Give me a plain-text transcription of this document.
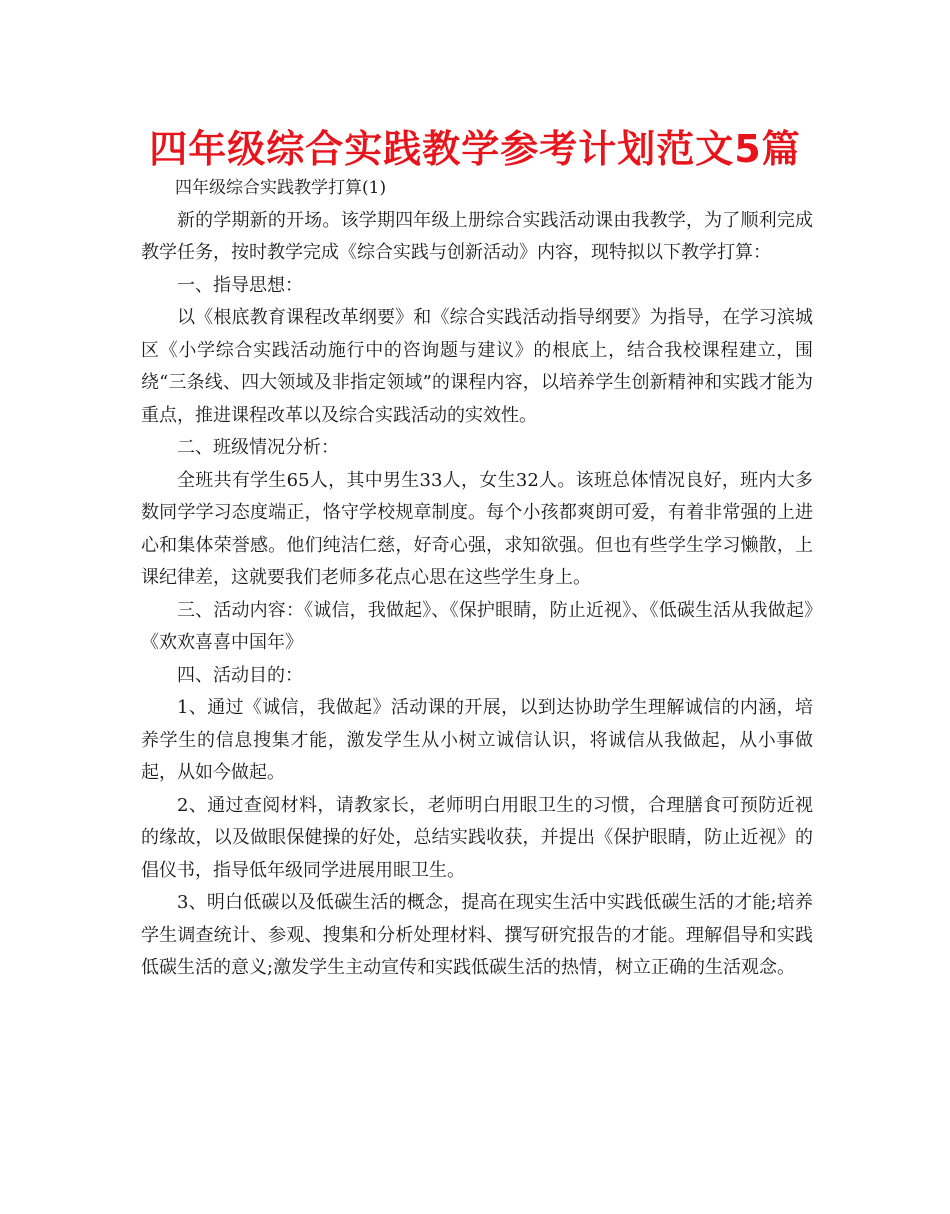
四年级综合实践教学参考计划范文5篇

四年级综合实践教学打算(1)

新的学期新的开场。该学期四年级上册综合实践活动课由我教学，为了顺利完成教学任务，按时教学完成《综合实践与创新活动》内容，现特拟以下教学打算：

一、指导思想：

以《根底教育课程改革纲要》和《综合实践活动指导纲要》为指导，在学习滨城区《小学综合实践活动施行中的咨询题与建议》的根底上，结合我校课程建立，围绕“三条线、四大领域及非指定领域”的课程内容，以培养学生创新精神和实践才能为重点，推进课程改革以及综合实践活动的实效性。

二、班级情况分析：

全班共有学生65人，其中男生33人，女生32人。该班总体情况良好，班内大多数同学学习态度端正，恪守学校规章制度。每个小孩都爽朗可爱，有着非常强的上进心和集体荣誉感。他们纯洁仁慈，好奇心强，求知欲强。但也有些学生学习懒散，上课纪律差，这就要我们老师多花点心思在这些学生身上。

三、活动内容：《诚信，我做起》、《保护眼睛，防止近视》、《低碳生活从我做起》《欢欢喜喜中国年》

四、活动目的：

1、通过《诚信，我做起》活动课的开展，以到达协助学生理解诚信的内涵，培养学生的信息搜集才能，激发学生从小树立诚信认识，将诚信从我做起，从小事做起，从如今做起。

2、通过查阅材料，请教家长，老师明白用眼卫生的习惯，合理膳食可预防近视的缘故，以及做眼保健操的好处，总结实践收获，并提出《保护眼睛，防止近视》的倡仪书，指导低年级同学进展用眼卫生。

3、明白低碳以及低碳生活的概念，提高在现实生活中实践低碳生活的才能;培养学生调查统计、参观、搜集和分析处理材料、撰写研究报告的才能。理解倡导和实践低碳生活的意义;激发学生主动宣传和实践低碳生活的热情，树立正确的生活观念。
